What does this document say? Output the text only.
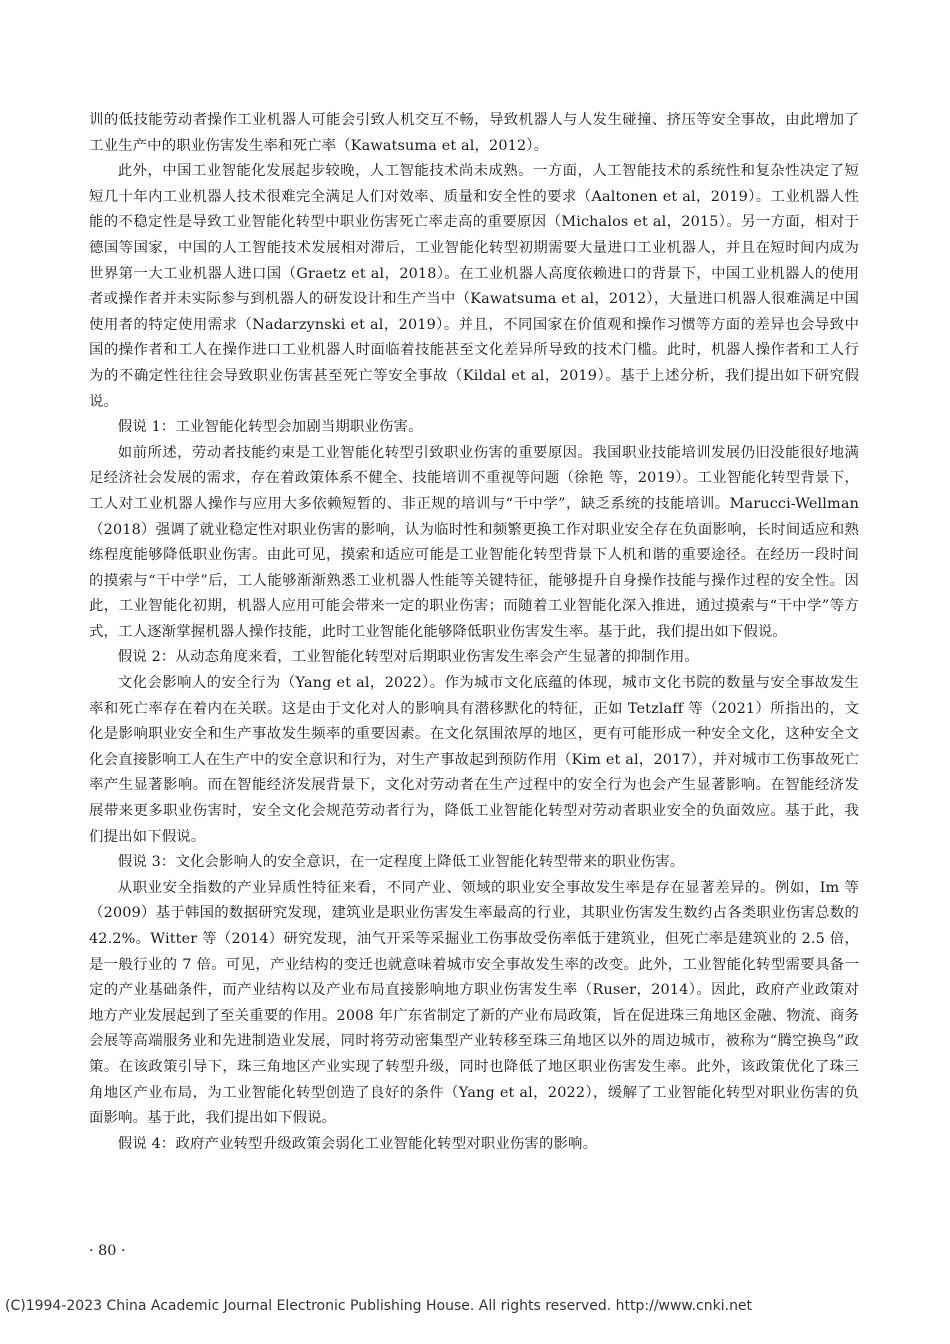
训的低技能劳动者操作工业机器人可能会引致人机交互不畅，导致机器人与人发生碰撞、挤压等安全事故，由此增加了工业生产中的职业伤害发生率和死亡率（Kawatsuma et al，2012）。

此外，中国工业智能化发展起步较晚，人工智能技术尚未成熟。一方面，人工智能技术的系统性和复杂性决定了短短几十年内工业机器人技术很难完全满足人们对效率、质量和安全性的要求（Aaltonen et al，2019）。工业机器人性能的不稳定性是导致工业智能化转型中职业伤害死亡率走高的重要原因（Michalos et al，2015）。另一方面，相对于德国等国家，中国的人工智能技术发展相对滞后，工业智能化转型初期需要大量进口工业机器人，并且在短时间内成为世界第一大工业机器人进口国（Graetz et al，2018）。在工业机器人高度依赖进口的背景下，中国工业机器人的使用者或操作者并未实际参与到机器人的研发设计和生产当中（Kawatsuma et al，2012），大量进口机器人很难满足中国使用者的特定使用需求（Nadarzynski et al，2019）。并且，不同国家在价值观和操作习惯等方面的差异也会导致中国的操作者和工人在操作进口工业机器人时面临着技能甚至文化差异所导致的技术门槛。此时，机器人操作者和工人行为的不确定性往往会导致职业伤害甚至死亡等安全事故（Kildal et al，2019）。基于上述分析，我们提出如下研究假说。

假说 1：工业智能化转型会加剧当期职业伤害。

如前所述，劳动者技能约束是工业智能化转型引致职业伤害的重要原因。我国职业技能培训发展仍旧没能很好地满足经济社会发展的需求，存在着政策体系不健全、技能培训不重视等问题（徐艳 等，2019）。工业智能化转型背景下，工人对工业机器人操作与应用大多依赖短暂的、非正规的培训与“干中学”，缺乏系统的技能培训。Marucci-Wellman（2018）强调了就业稳定性对职业伤害的影响，认为临时性和频繁更换工作对职业安全存在负面影响，长时间适应和熟练程度能够降低职业伤害。由此可见，摸索和适应可能是工业智能化转型背景下人机和谐的重要途径。在经历一段时间的摸索与“干中学”后，工人能够渐渐熟悉工业机器人性能等关键特征，能够提升自身操作技能与操作过程的安全性。因此，工业智能化初期，机器人应用可能会带来一定的职业伤害；而随着工业智能化深入推进，通过摸索与“干中学”等方式，工人逐渐掌握机器人操作技能，此时工业智能化能够降低职业伤害发生率。基于此，我们提出如下假说。

假说 2：从动态角度来看，工业智能化转型对后期职业伤害发生率会产生显著的抑制作用。

文化会影响人的安全行为（Yang et al，2022）。作为城市文化底蕴的体现，城市文化书院的数量与安全事故发生率和死亡率存在着内在关联。这是由于文化对人的影响具有潜移默化的特征，正如 Tetzlaff 等（2021）所指出的，文化是影响职业安全和生产事故发生频率的重要因素。在文化氛围浓厚的地区，更有可能形成一种安全文化，这种安全文化会直接影响工人在生产中的安全意识和行为，对生产事故起到预防作用（Kim et al，2017），并对城市工伤事故死亡率产生显著影响。而在智能经济发展背景下，文化对劳动者在生产过程中的安全行为也会产生显著影响。在智能经济发展带来更多职业伤害时，安全文化会规范劳动者行为，降低工业智能化转型对劳动者职业安全的负面效应。基于此，我们提出如下假说。

假说 3：文化会影响人的安全意识，在一定程度上降低工业智能化转型带来的职业伤害。

从职业安全指数的产业异质性特征来看，不同产业、领域的职业安全事故发生率是存在显著差异的。例如，Im 等（2009）基于韩国的数据研究发现，建筑业是职业伤害发生率最高的行业，其职业伤害发生数约占各类职业伤害总数的 42.2%。Witter 等（2014）研究发现，油气开采等采掘业工伤事故受伤率低于建筑业，但死亡率是建筑业的 2.5 倍，是一般行业的 7 倍。可见，产业结构的变迁也就意味着城市安全事故发生率的改变。此外，工业智能化转型需要具备一定的产业基础条件，而产业结构以及产业布局直接影响地方职业伤害发生率（Ruser，2014）。因此，政府产业政策对地方产业发展起到了至关重要的作用。2008 年广东省制定了新的产业布局政策，旨在促进珠三角地区金融、物流、商务会展等高端服务业和先进制造业发展，同时将劳动密集型产业转移至珠三角地区以外的周边城市，被称为“腾空换鸟”政策。在该政策引导下，珠三角地区产业实现了转型升级，同时也降低了地区职业伤害发生率。此外，该政策优化了珠三角地区产业布局，为工业智能化转型创造了良好的条件（Yang et al，2022），缓解了工业智能化转型对职业伤害的负面影响。基于此，我们提出如下假说。

假说 4：政府产业转型升级政策会弱化工业智能化转型对职业伤害的影响。

· 80 ·
(C)1994-2023 China Academic Journal Electronic Publishing House. All rights reserved. http://www.cnki.net
